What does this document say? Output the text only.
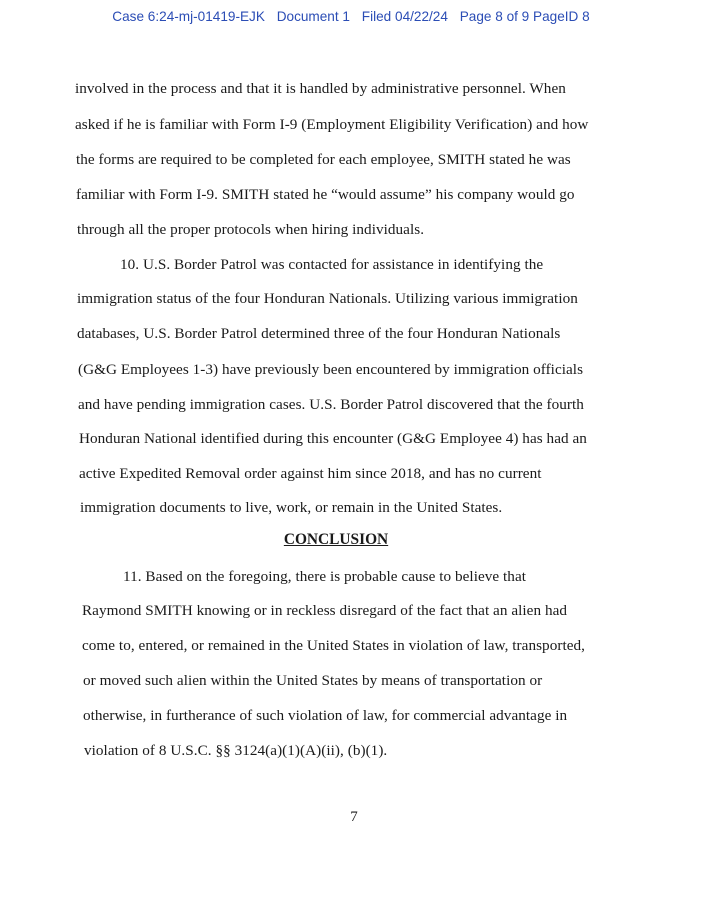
Case 6:24-mj-01419-EJK Document 1 Filed 04/22/24 Page 8 of 9 PageID 8
involved in the process and that it is handled by administrative personnel. When
asked if he is familiar with Form I-9 (Employment Eligibility Verification) and how
the forms are required to be completed for each employee, SMITH stated he was
familiar with Form I-9. SMITH stated he “would assume” his company would go
through all the proper protocols when hiring individuals.
10. U.S. Border Patrol was contacted for assistance in identifying the
immigration status of the four Honduran Nationals. Utilizing various immigration
databases, U.S. Border Patrol determined three of the four Honduran Nationals
(G&G Employees 1-3) have previously been encountered by immigration officials
and have pending immigration cases. U.S. Border Patrol discovered that the fourth
Honduran National identified during this encounter (G&G Employee 4) has had an
active Expedited Removal order against him since 2018, and has no current
immigration documents to live, work, or remain in the United States.
CONCLUSION
11. Based on the foregoing, there is probable cause to believe that
Raymond SMITH knowing or in reckless disregard of the fact that an alien had
come to, entered, or remained in the United States in violation of law, transported,
or moved such alien within the United States by means of transportation or
otherwise, in furtherance of such violation of law, for commercial advantage in
violation of 8 U.S.C. §§ 3124(a)(1)(A)(ii), (b)(1).
7
